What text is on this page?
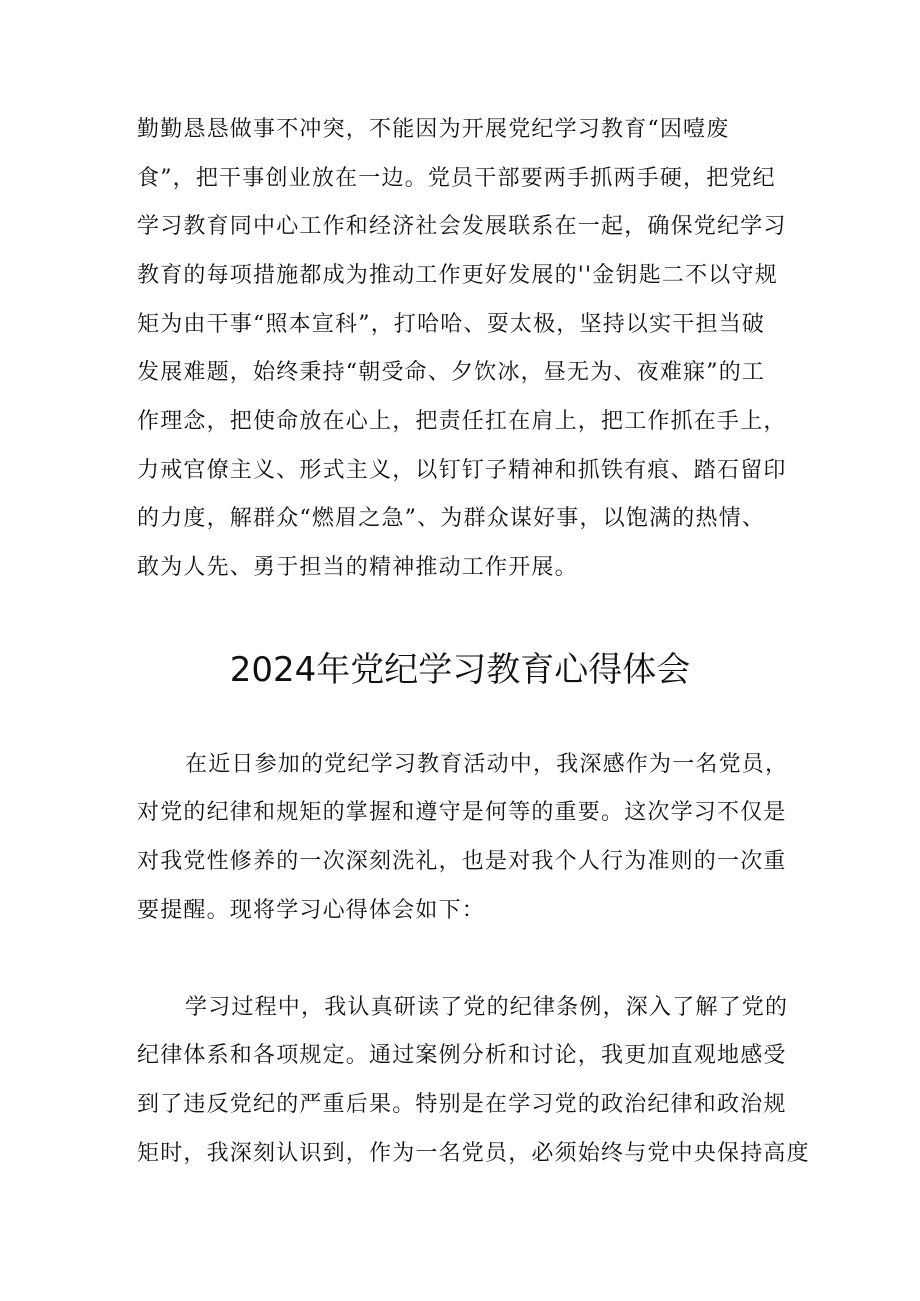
勤勤恳恳做事不冲突，不能因为开展党纪学习教育“因噎废
食”，把干事创业放在一边。党员干部要两手抓两手硬，把党纪
学习教育同中心工作和经济社会发展联系在一起，确保党纪学习
教育的每项措施都成为推动工作更好发展的''金钥匙二不以守规
矩为由干事“照本宣科”，打哈哈、耍太极，坚持以实干担当破
发展难题，始终秉持“朝受命、夕饮冰，昼无为、夜难寐”的工
作理念，把使命放在心上，把责任扛在肩上，把工作抓在手上，
力戒官僚主义、形式主义，以钉钉子精神和抓铁有痕、踏石留印
的力度，解群众“燃眉之急”、为群众谋好事，以饱满的热情、
敢为人先、勇于担当的精神推动工作开展。
2024年党纪学习教育心得体会
在近日参加的党纪学习教育活动中，我深感作为一名党员，
对党的纪律和规矩的掌握和遵守是何等的重要。这次学习不仅是
对我党性修养的一次深刻洗礼，也是对我个人行为准则的一次重
要提醒。现将学习心得体会如下：
学习过程中，我认真研读了党的纪律条例，深入了解了党的
纪律体系和各项规定。通过案例分析和讨论，我更加直观地感受
到了违反党纪的严重后果。特别是在学习党的政治纪律和政治规
矩时，我深刻认识到，作为一名党员，必须始终与党中央保持高度
